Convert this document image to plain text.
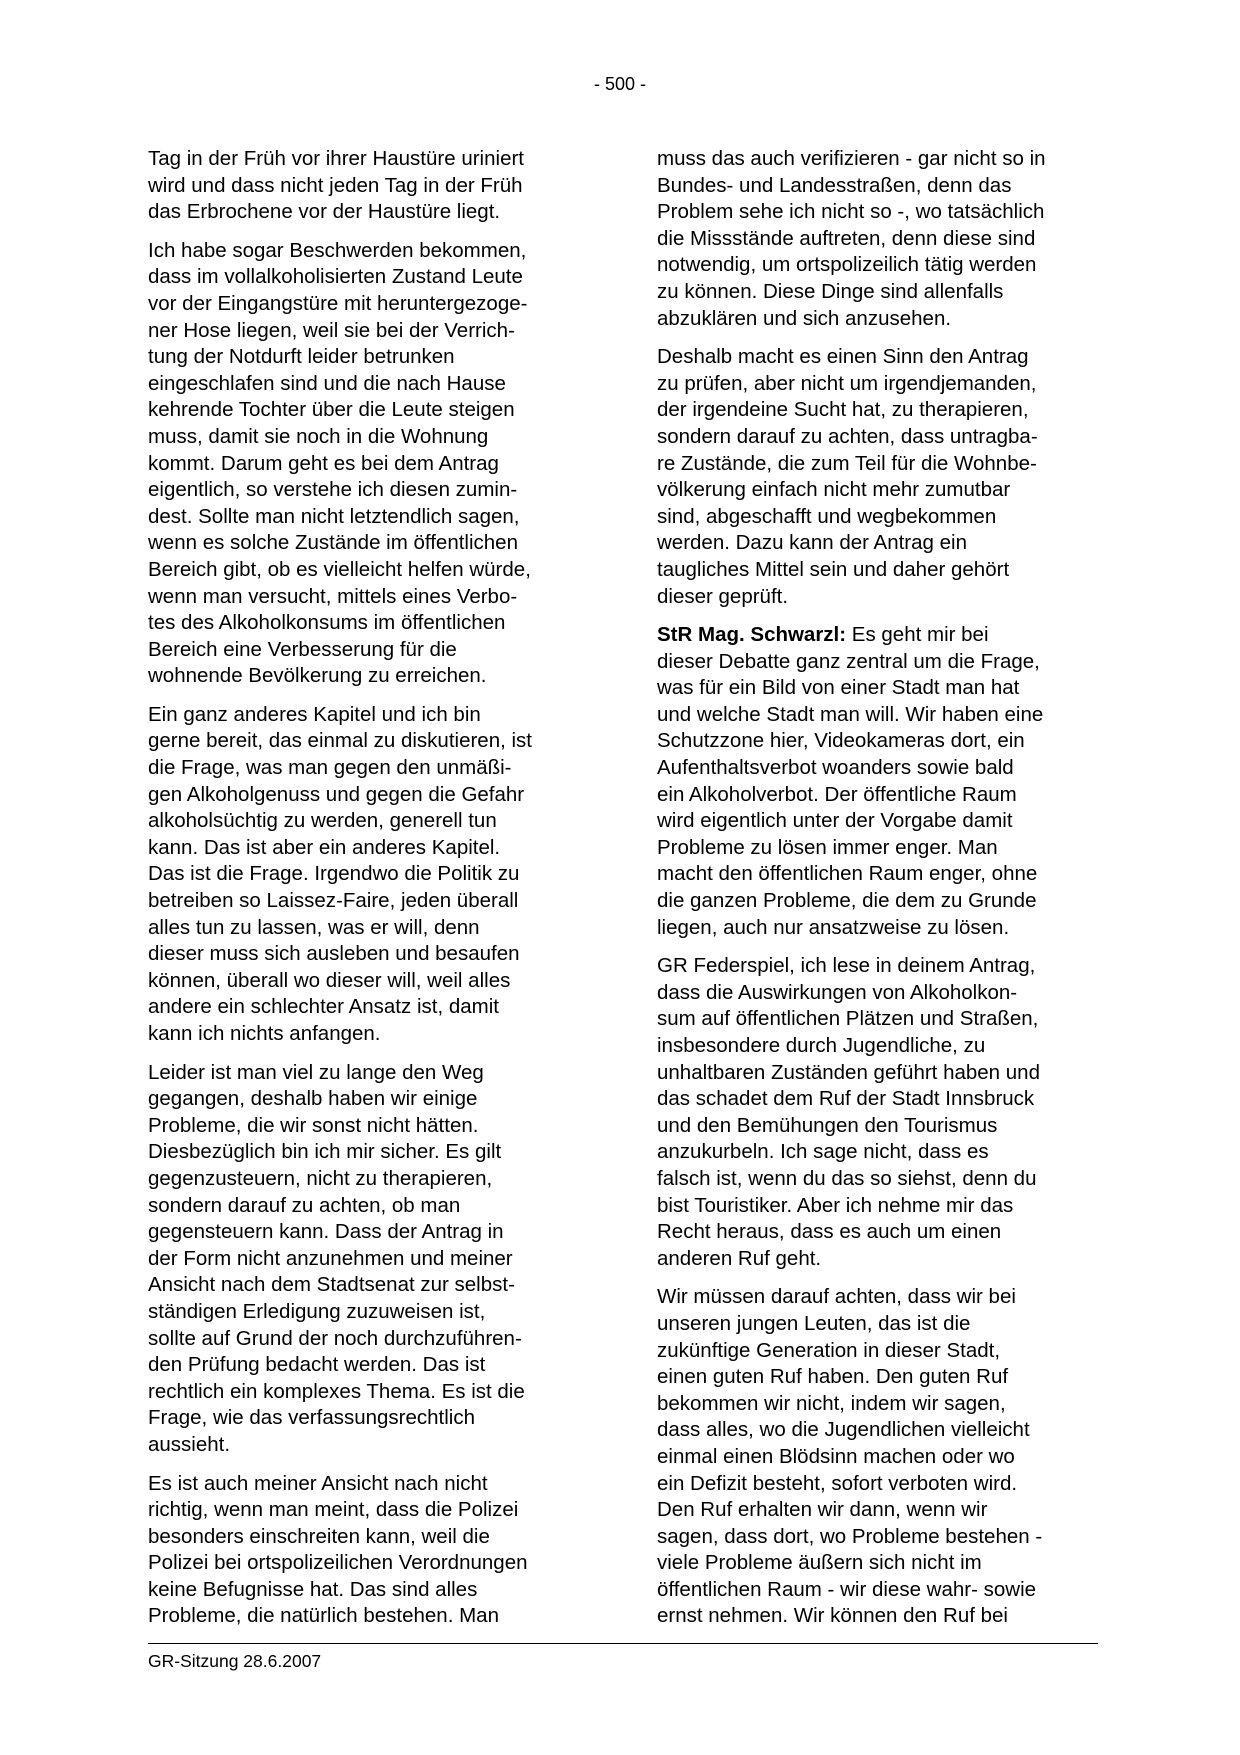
- 500 -

Tag in der Früh vor ihrer Haustüre uriniert
wird und dass nicht jeden Tag in der Früh
das Erbrochene vor der Haustüre liegt.

Ich habe sogar Beschwerden bekommen,
dass im vollalkoholisierten Zustand Leute
vor der Eingangstüre mit heruntergezoge-
ner Hose liegen, weil sie bei der Verrich-
tung der Notdurft leider betrunken
eingeschlafen sind und die nach Hause
kehrende Tochter über die Leute steigen
muss, damit sie noch in die Wohnung
kommt. Darum geht es bei dem Antrag
eigentlich, so verstehe ich diesen zumin-
dest. Sollte man nicht letztendlich sagen,
wenn es solche Zustände im öffentlichen
Bereich gibt, ob es vielleicht helfen würde,
wenn man versucht, mittels eines Verbo-
tes des Alkoholkonsums im öffentlichen
Bereich eine Verbesserung für die
wohnende Bevölkerung zu erreichen.

Ein ganz anderes Kapitel und ich bin
gerne bereit, das einmal zu diskutieren, ist
die Frage, was man gegen den unmäßi-
gen Alkoholgenuss und gegen die Gefahr
alkoholsüchtig zu werden, generell tun
kann. Das ist aber ein anderes Kapitel.
Das ist die Frage. Irgendwo die Politik zu
betreiben so Laissez-Faire, jeden überall
alles tun zu lassen, was er will, denn
dieser muss sich ausleben und besaufen
können, überall wo dieser will, weil alles
andere ein schlechter Ansatz ist, damit
kann ich nichts anfangen.

Leider ist man viel zu lange den Weg
gegangen, deshalb haben wir einige
Probleme, die wir sonst nicht hätten.
Diesbezüglich bin ich mir sicher. Es gilt
gegenzusteuern, nicht zu therapieren,
sondern darauf zu achten, ob man
gegensteuern kann. Dass der Antrag in
der Form nicht anzunehmen und meiner
Ansicht nach dem Stadtsenat zur selbst-
ständigen Erledigung zuzuweisen ist,
sollte auf Grund der noch durchzuführen-
den Prüfung bedacht werden. Das ist
rechtlich ein komplexes Thema. Es ist die
Frage, wie das verfassungsrechtlich
aussieht.

Es ist auch meiner Ansicht nach nicht
richtig, wenn man meint, dass die Polizei
besonders einschreiten kann, weil die
Polizei bei ortspolizeilichen Verordnungen
keine Befugnisse hat. Das sind alles
Probleme, die natürlich bestehen. Man

muss das auch verifizieren - gar nicht so in
Bundes- und Landesstraßen, denn das
Problem sehe ich nicht so -, wo tatsächlich
die Missstände auftreten, denn diese sind
notwendig, um ortspolizeilich tätig werden
zu können. Diese Dinge sind allenfalls
abzuklären und sich anzusehen.

Deshalb macht es einen Sinn den Antrag
zu prüfen, aber nicht um irgendjemanden,
der irgendeine Sucht hat, zu therapieren,
sondern darauf zu achten, dass untragba-
re Zustände, die zum Teil für die Wohnbe-
völkerung einfach nicht mehr zumutbar
sind, abgeschafft und wegbekommen
werden. Dazu kann der Antrag ein
taugliches Mittel sein und daher gehört
dieser geprüft.

StR Mag. Schwarzl: Es geht mir bei
dieser Debatte ganz zentral um die Frage,
was für ein Bild von einer Stadt man hat
und welche Stadt man will. Wir haben eine
Schutzzone hier, Videokameras dort, ein
Aufenthaltsverbot woanders sowie bald
ein Alkoholverbot. Der öffentliche Raum
wird eigentlich unter der Vorgabe damit
Probleme zu lösen immer enger. Man
macht den öffentlichen Raum enger, ohne
die ganzen Probleme, die dem zu Grunde
liegen, auch nur ansatzweise zu lösen.

GR Federspiel, ich lese in deinem Antrag,
dass die Auswirkungen von Alkoholkon-
sum auf öffentlichen Plätzen und Straßen,
insbesondere durch Jugendliche, zu
unhaltbaren Zuständen geführt haben und
das schadet dem Ruf der Stadt Innsbruck
und den Bemühungen den Tourismus
anzukurbeln. Ich sage nicht, dass es
falsch ist, wenn du das so siehst, denn du
bist Touristiker. Aber ich nehme mir das
Recht heraus, dass es auch um einen
anderen Ruf geht.

Wir müssen darauf achten, dass wir bei
unseren jungen Leuten, das ist die
zukünftige Generation in dieser Stadt,
einen guten Ruf haben. Den guten Ruf
bekommen wir nicht, indem wir sagen,
dass alles, wo die Jugendlichen vielleicht
einmal einen Blödsinn machen oder wo
ein Defizit besteht, sofort verboten wird.
Den Ruf erhalten wir dann, wenn wir
sagen, dass dort, wo Probleme bestehen -
viele Probleme äußern sich nicht im
öffentlichen Raum - wir diese wahr- sowie
ernst nehmen. Wir können den Ruf bei

GR-Sitzung 28.6.2007
